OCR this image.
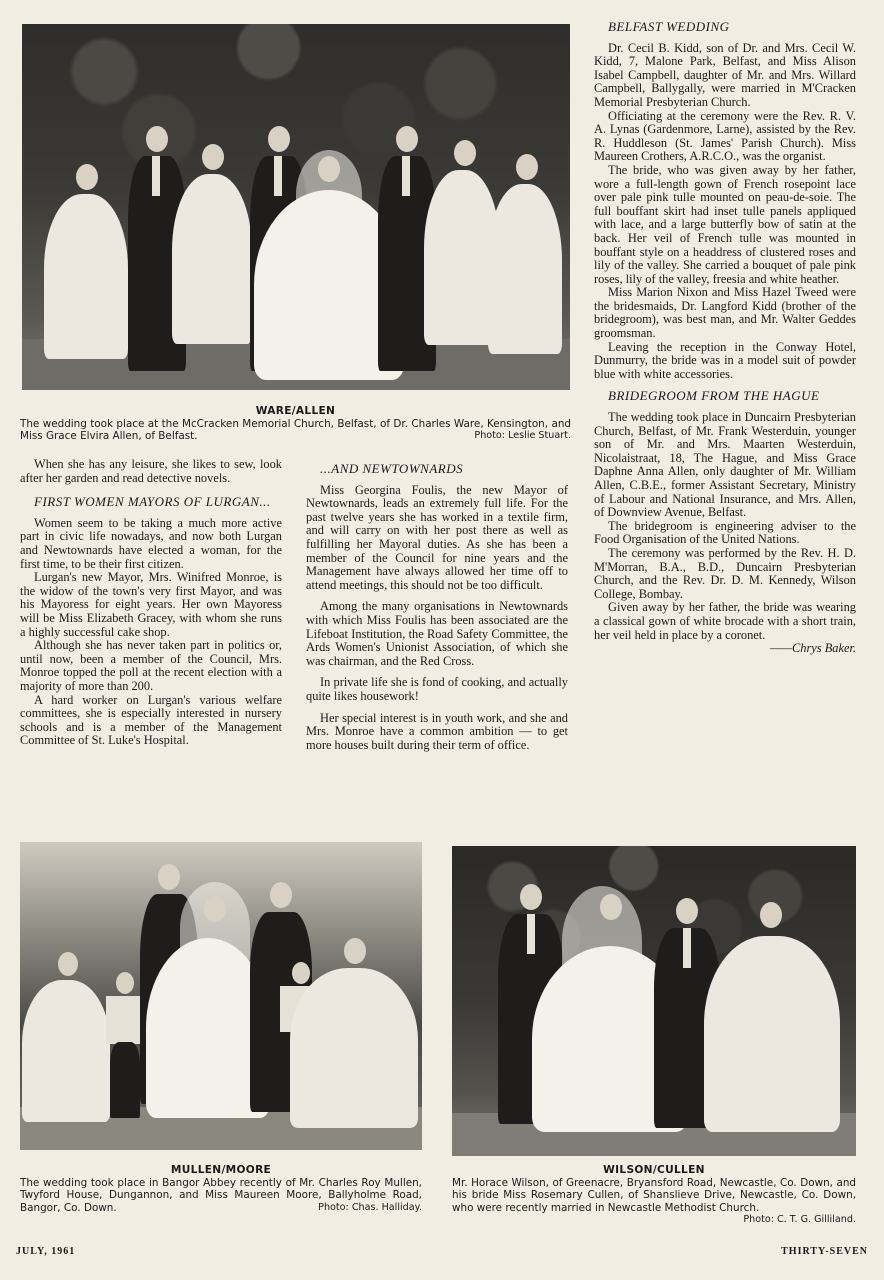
WARE/ALLEN
The wedding took place at the McCracken Memorial Church, Belfast, of Dr. Charles Ware, Kensington, and Miss Grace Elvira Allen, of Belfast.	Photo: Leslie Stuart.

BELFAST WEDDING

Dr. Cecil B. Kidd, son of Dr. and Mrs. Cecil W. Kidd, 7, Malone Park, Belfast, and Miss Alison Isabel Campbell, daughter of Mr. and Mrs. Willard Campbell, Ballygally, were married in M'Cracken Memorial Presbyterian Church.

Officiating at the ceremony were the Rev. R. V. A. Lynas (Gardenmore, Larne), assisted by the Rev. R. Huddleson (St. James' Parish Church). Miss Maureen Crothers, A.R.C.O., was the organist.

The bride, who was given away by her father, wore a full-length gown of French rosepoint lace over pale pink tulle mounted on peau-de-soie. The full bouffant skirt had inset tulle panels appliqued with lace, and a large butterfly bow of satin at the back. Her veil of French tulle was mounted in bouffant style on a headdress of clustered roses and lily of the valley. She carried a bouquet of pale pink roses, lily of the valley, freesia and white heather.

Miss Marion Nixon and Miss Hazel Tweed were the bridesmaids, Dr. Langford Kidd (brother of the bridegroom), was best man, and Mr. Walter Geddes groomsman.

Leaving the reception in the Conway Hotel, Dunmurry, the bride was in a model suit of powder blue with white accessories.

BRIDEGROOM FROM THE HAGUE

The wedding took place in Duncairn Presbyterian Church, Belfast, of Mr. Frank Westerduin, younger son of Mr. and Mrs. Maarten Westerduin, Nicolaistraat, 18, The Hague, and Miss Grace Daphne Anna Allen, only daughter of Mr. William Allen, C.B.E., former Assistant Secretary, Ministry of Labour and National Insurance, and Mrs. Allen, of Downview Avenue, Belfast.

The bridegroom is engineering adviser to the Food Organisation of the United Nations.

The ceremony was performed by the Rev. H. D. M'Morran, B.A., B.D., Duncairn Presbyterian Church, and the Rev. Dr. D. M. Kennedy, Wilson College, Bombay.

Given away by her father, the bride was wearing a classical gown of white brocade with a short train, her veil held in place by a coronet.

——Chrys Baker.

When she has any leisure, she likes to sew, look after her garden and read detective novels.

FIRST WOMEN MAYORS OF LURGAN...

Women seem to be taking a much more active part in civic life nowadays, and now both Lurgan and Newtownards have elected a woman, for the first time, to be their first citizen.

Lurgan's new Mayor, Mrs. Winifred Monroe, is the widow of the town's very first Mayor, and was his Mayoress for eight years. Her own Mayoress will be Miss Elizabeth Gracey, with whom she runs a highly successful cake shop.

Although she has never taken part in politics or, until now, been a member of the Council, Mrs. Monroe topped the poll at the recent election with a majority of more than 200.

A hard worker on Lurgan's various welfare committees, she is especially interested in nursery schools and is a member of the Management Committee of St. Luke's Hospital.

...AND NEWTOWNARDS

Miss Georgina Foulis, the new Mayor of Newtownards, leads an extremely full life. For the past twelve years she has worked in a textile firm, and will carry on with her post there as well as fulfilling her Mayoral duties. As she has been a member of the Council for nine years and the Management have always allowed her time off to attend meetings, this should not be too difficult.

Among the many organisations in Newtownards with which Miss Foulis has been associated are the Lifeboat Institution, the Road Safety Committee, the Ards Women's Unionist Association, of which she was chairman, and the Red Cross.

In private life she is fond of cooking, and actually quite likes housework!

Her special interest is in youth work, and she and Mrs. Monroe have a common ambition — to get more houses built during their term of office.

MULLEN/MOORE
The wedding took place in Bangor Abbey recently of Mr. Charles Roy Mullen, Twyford House, Dungannon, and Miss Maureen Moore, Ballyholme Road, Bangor, Co. Down.	Photo: Chas. Halliday.
WILSON/CULLEN
Mr. Horace Wilson, of Greenacre, Bryansford Road, Newcastle, Co. Down, and his bride Miss Rosemary Cullen, of Shanslieve Drive, Newcastle, Co. Down, who were recently married in Newcastle Methodist Church.
Photo: C. T. G. Gilliland.
JULY, 1961	THIRTY-SEVEN
